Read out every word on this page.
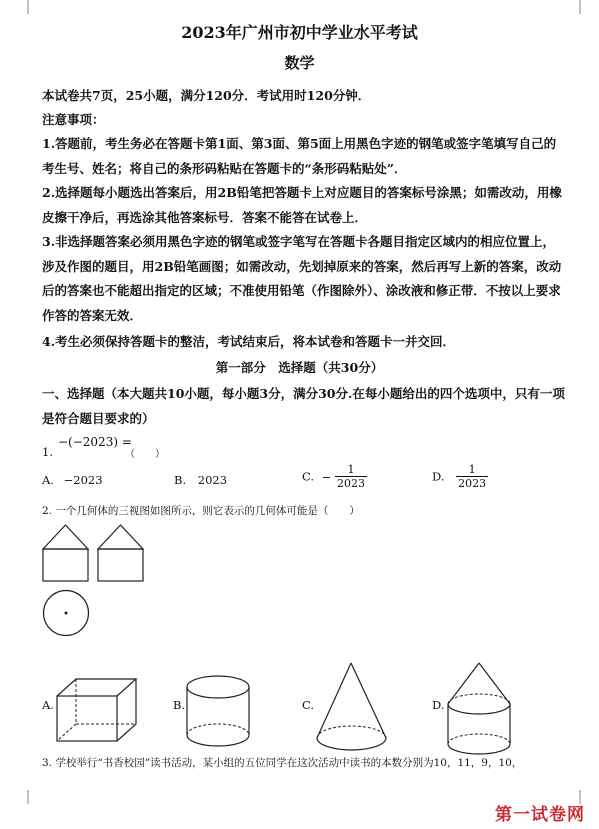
2023年广州市初中学业水平考试
数学
本试卷共7页，25小题，满分120分．考试用时120分钟．
注意事项：
1.答题前，考生务必在答题卡第1面、第3面、第5面上用黑色字迹的钢笔或签字笔填写自己的考生号、姓名；将自己的条形码粘贴在答题卡的“条形码粘贴处”．
2.选择题每小题选出答案后，用2B铅笔把答题卡上对应题目的答案标号涂黑；如需改动，用橡皮擦干净后，再选涂其他答案标号．答案不能答在试卷上．
3.非选择题答案必须用黑色字迹的钢笔或签字笔写在答题卡各题目指定区域内的相应位置上，涉及作图的题目，用2B铅笔画图；如需改动，先划掉原来的答案，然后再写上新的答案，改动后的答案也不能超出指定的区域；不准使用铅笔（作图除外）、涂改液和修正带．不按以上要求作答的答案无效．
4.考生必须保持答题卡的整洁，考试结束后，将本试卷和答题卡一并交回．
第一部分　选择题（共30分）
一、选择题（本大题共10小题，每小题3分，满分30分.在每小题给出的四个选项中，只有一项是符合题目要求的）
1.
−(−2023) =
（　　）
A. −2023	B. 2023	C. − $\frac{1}{2023}$	D. $\frac{1}{2023}$
2. 一个几何体的三视图如图所示，则它表示的几何体可能是（　　）
A.	B.	C.	D.
3. 学校举行“书香校园”读书活动，某小组的五位同学在这次活动中读书的本数分别为10，11，9，10，
第一试卷网
